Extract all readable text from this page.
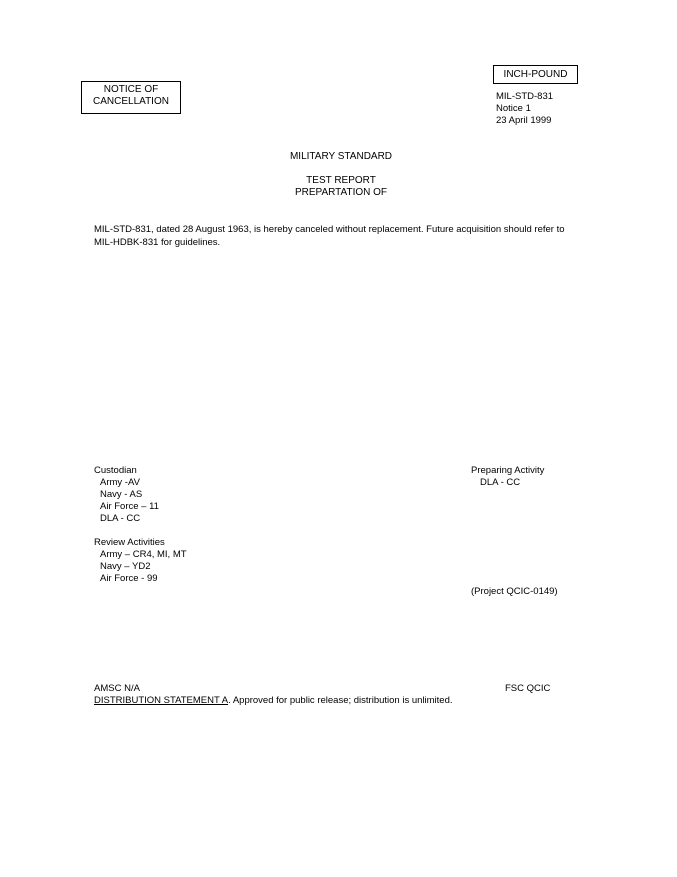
NOTICE OF
CANCELLATION
INCH-POUND
MIL-STD-831
Notice 1
23 April 1999
MILITARY STANDARD
TEST REPORT
PREPARTATION OF
MIL-STD-831, dated 28 August 1963, is hereby canceled without replacement. Future acquisition should refer to MIL-HDBK-831 for guidelines.
Custodian
Army -AV
Navy - AS
Air Force – 11
DLA - CC
Review Activities
Army – CR4, MI, MT
Navy – YD2
Air Force - 99
Preparing Activity
DLA - CC
(Project QCIC-0149)
AMSC N/A	FSC QCIC
DISTRIBUTION STATEMENT A. Approved for public release; distribution is unlimited.
